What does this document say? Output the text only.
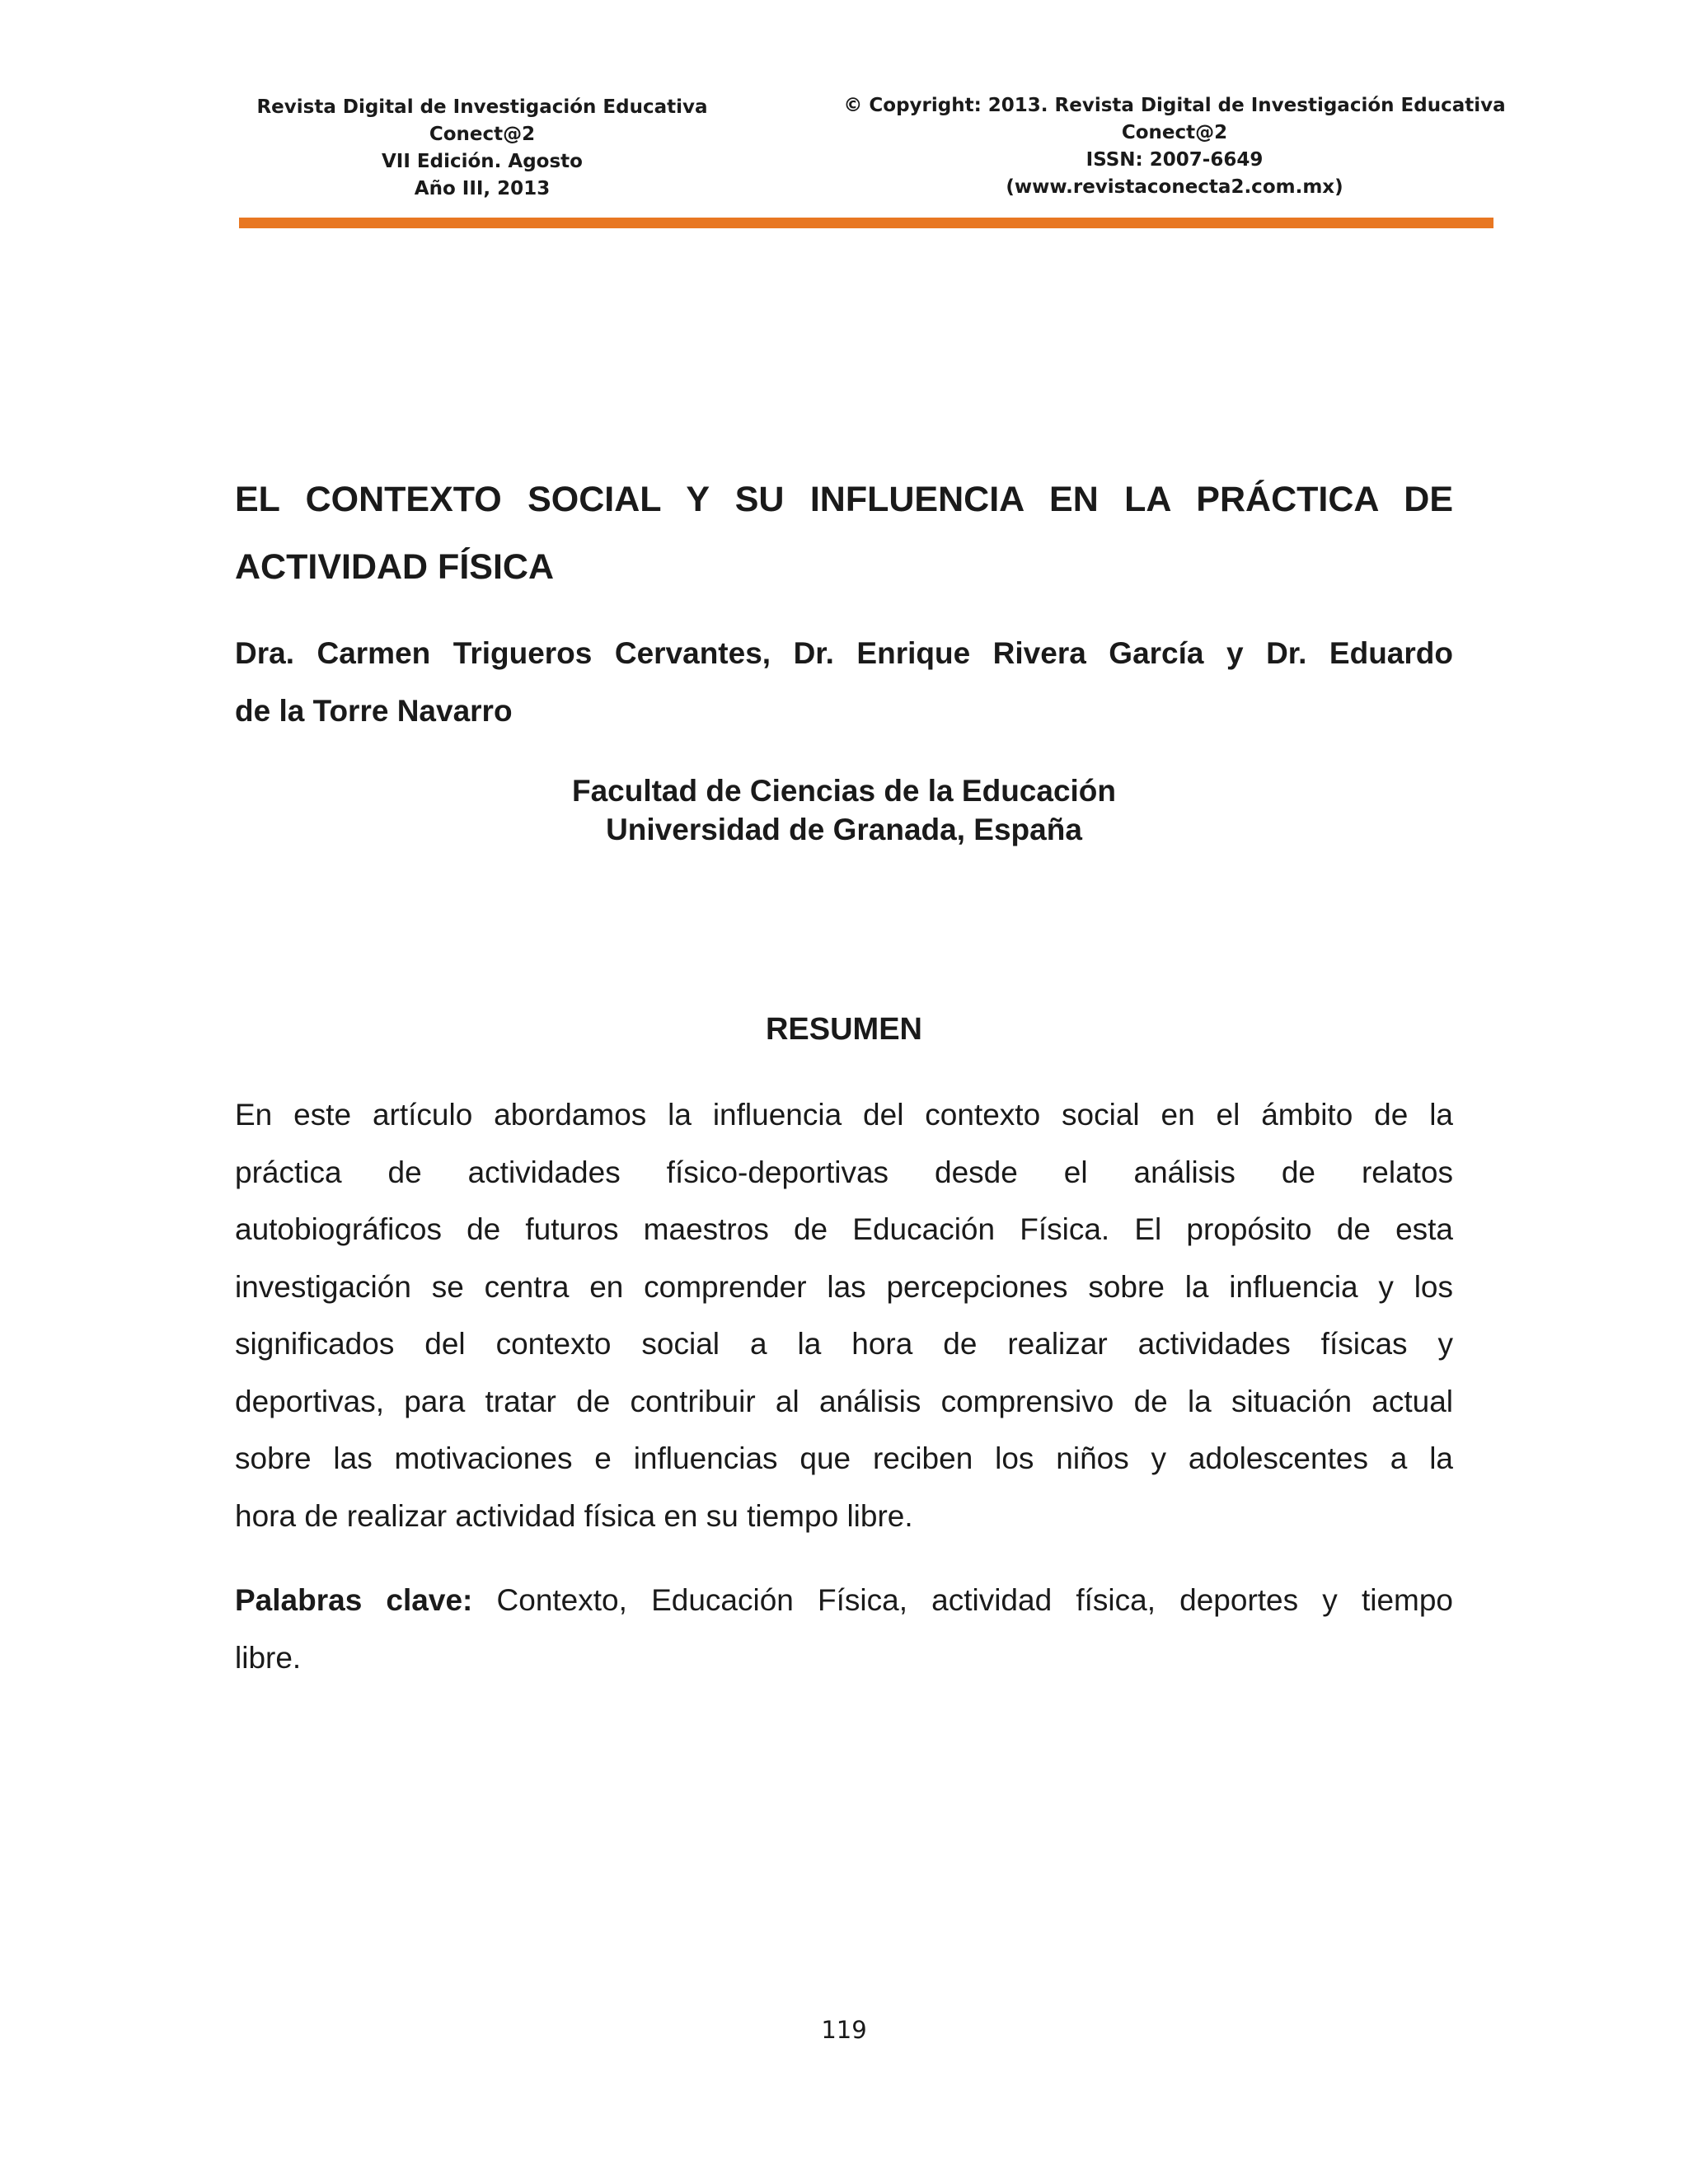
Revista Digital de Investigación Educativa
Conect@2
VII Edición. Agosto
Año III, 2013
© Copyright: 2013. Revista Digital de Investigación Educativa
Conect@2
ISSN: 2007-6649
(www.revistaconecta2.com.mx)
EL CONTEXTO SOCIAL Y SU INFLUENCIA EN LA PRÁCTICA DE
ACTIVIDAD FÍSICA

Dra. Carmen Trigueros Cervantes, Dr. Enrique Rivera García y Dr. Eduardo
de la Torre Navarro

Facultad de Ciencias de la Educación
Universidad de Granada, España
RESUMEN

En este artículo abordamos la influencia del contexto social en el ámbito de la
práctica de actividades físico-deportivas desde el análisis de relatos
autobiográficos de futuros maestros de Educación Física. El propósito de esta
investigación se centra en comprender las percepciones sobre la influencia y los
significados del contexto social a la hora de realizar actividades físicas y
deportivas, para tratar de contribuir al análisis comprensivo de la situación actual
sobre las motivaciones e influencias que reciben los niños y adolescentes a la
hora de realizar actividad física en su tiempo libre.

Palabras clave: Contexto, Educación Física, actividad física, deportes y tiempo
libre.

119
